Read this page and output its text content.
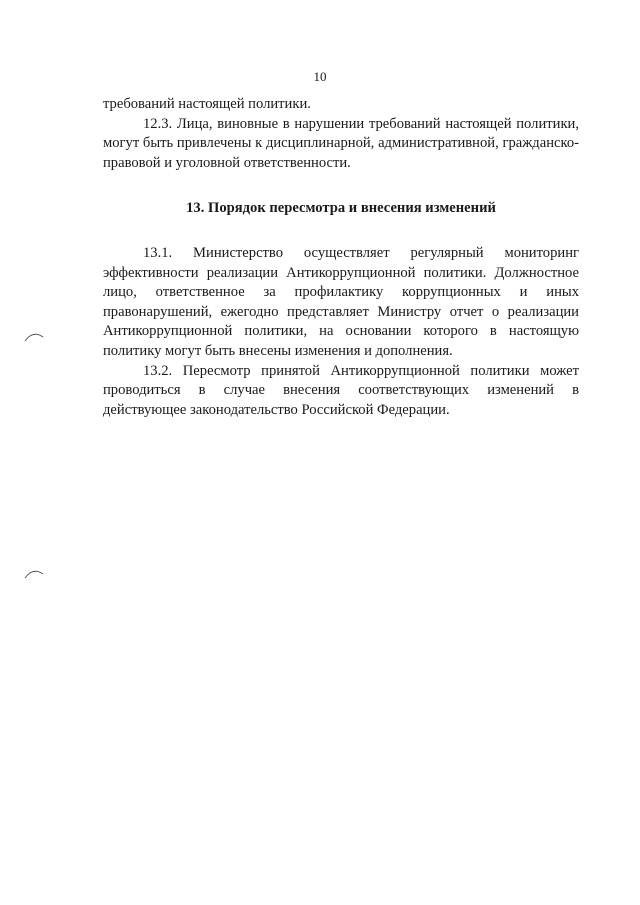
10

требований настоящей политики.

12.3. Лица, виновные в нарушении требований настоящей политики, могут быть привлечены к дисциплинарной, административной, гражданско-правовой и уголовной ответственности.

13. Порядок пересмотра и внесения изменений

13.1. Министерство осуществляет регулярный мониторинг эффективности реализации Антикоррупционной политики. Должностное лицо, ответственное за профилактику коррупционных и иных правонарушений, ежегодно представляет Министру отчет о реализации Антикоррупционной политики, на основании которого в настоящую политику могут быть внесены изменения и дополнения.

13.2. Пересмотр принятой Антикоррупционной политики может проводиться в случае внесения соответствующих изменений в действующее законодательство Российской Федерации.
